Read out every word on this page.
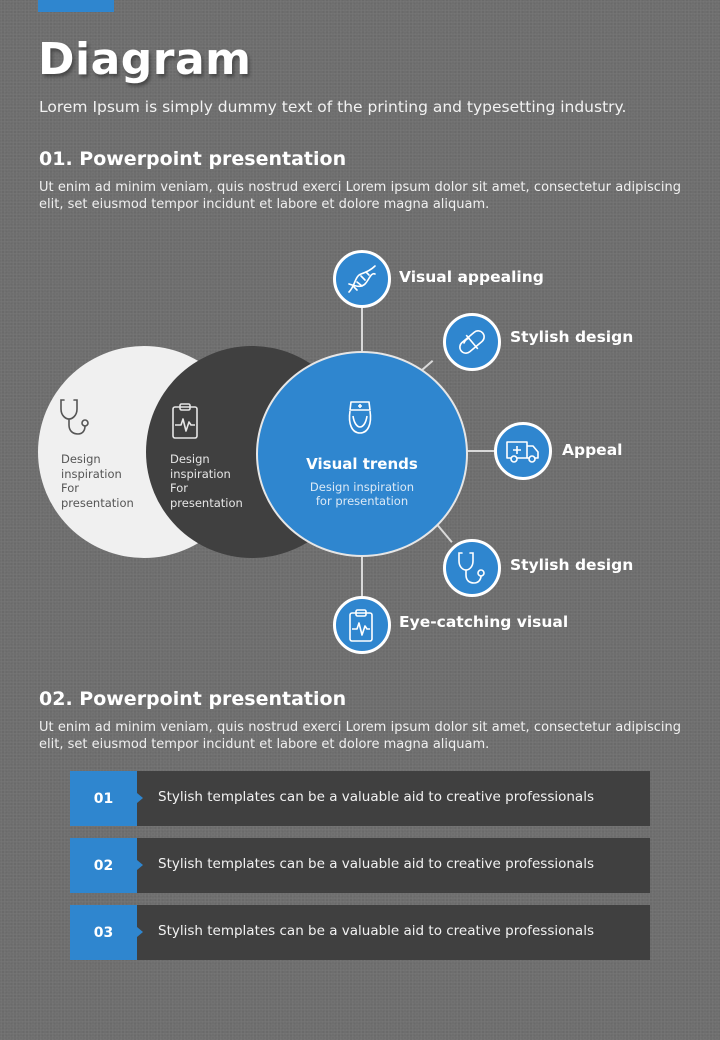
Diagram
Lorem Ipsum is simply dummy text of the printing and typesetting industry.
01. Powerpoint presentation
Ut enim ad minim veniam, quis nostrud exerci Lorem ipsum dolor sit amet, consectetur adipiscing elit, set eiusmod tempor incidunt et labore et dolore magna aliquam.
Design
inspiration
For
presentation
Design
inspiration
For
presentation
Visual trends
Design inspiration
for presentation
Visual appealing
Stylish design
Appeal
Stylish design
Eye-catching visual
02. Powerpoint presentation
Ut enim ad minim veniam, quis nostrud exerci Lorem ipsum dolor sit amet, consectetur adipiscing elit, set eiusmod tempor incidunt et labore et dolore magna aliquam.
01	Stylish templates can be a valuable aid to creative professionals
02	Stylish templates can be a valuable aid to creative professionals
03	Stylish templates can be a valuable aid to creative professionals
